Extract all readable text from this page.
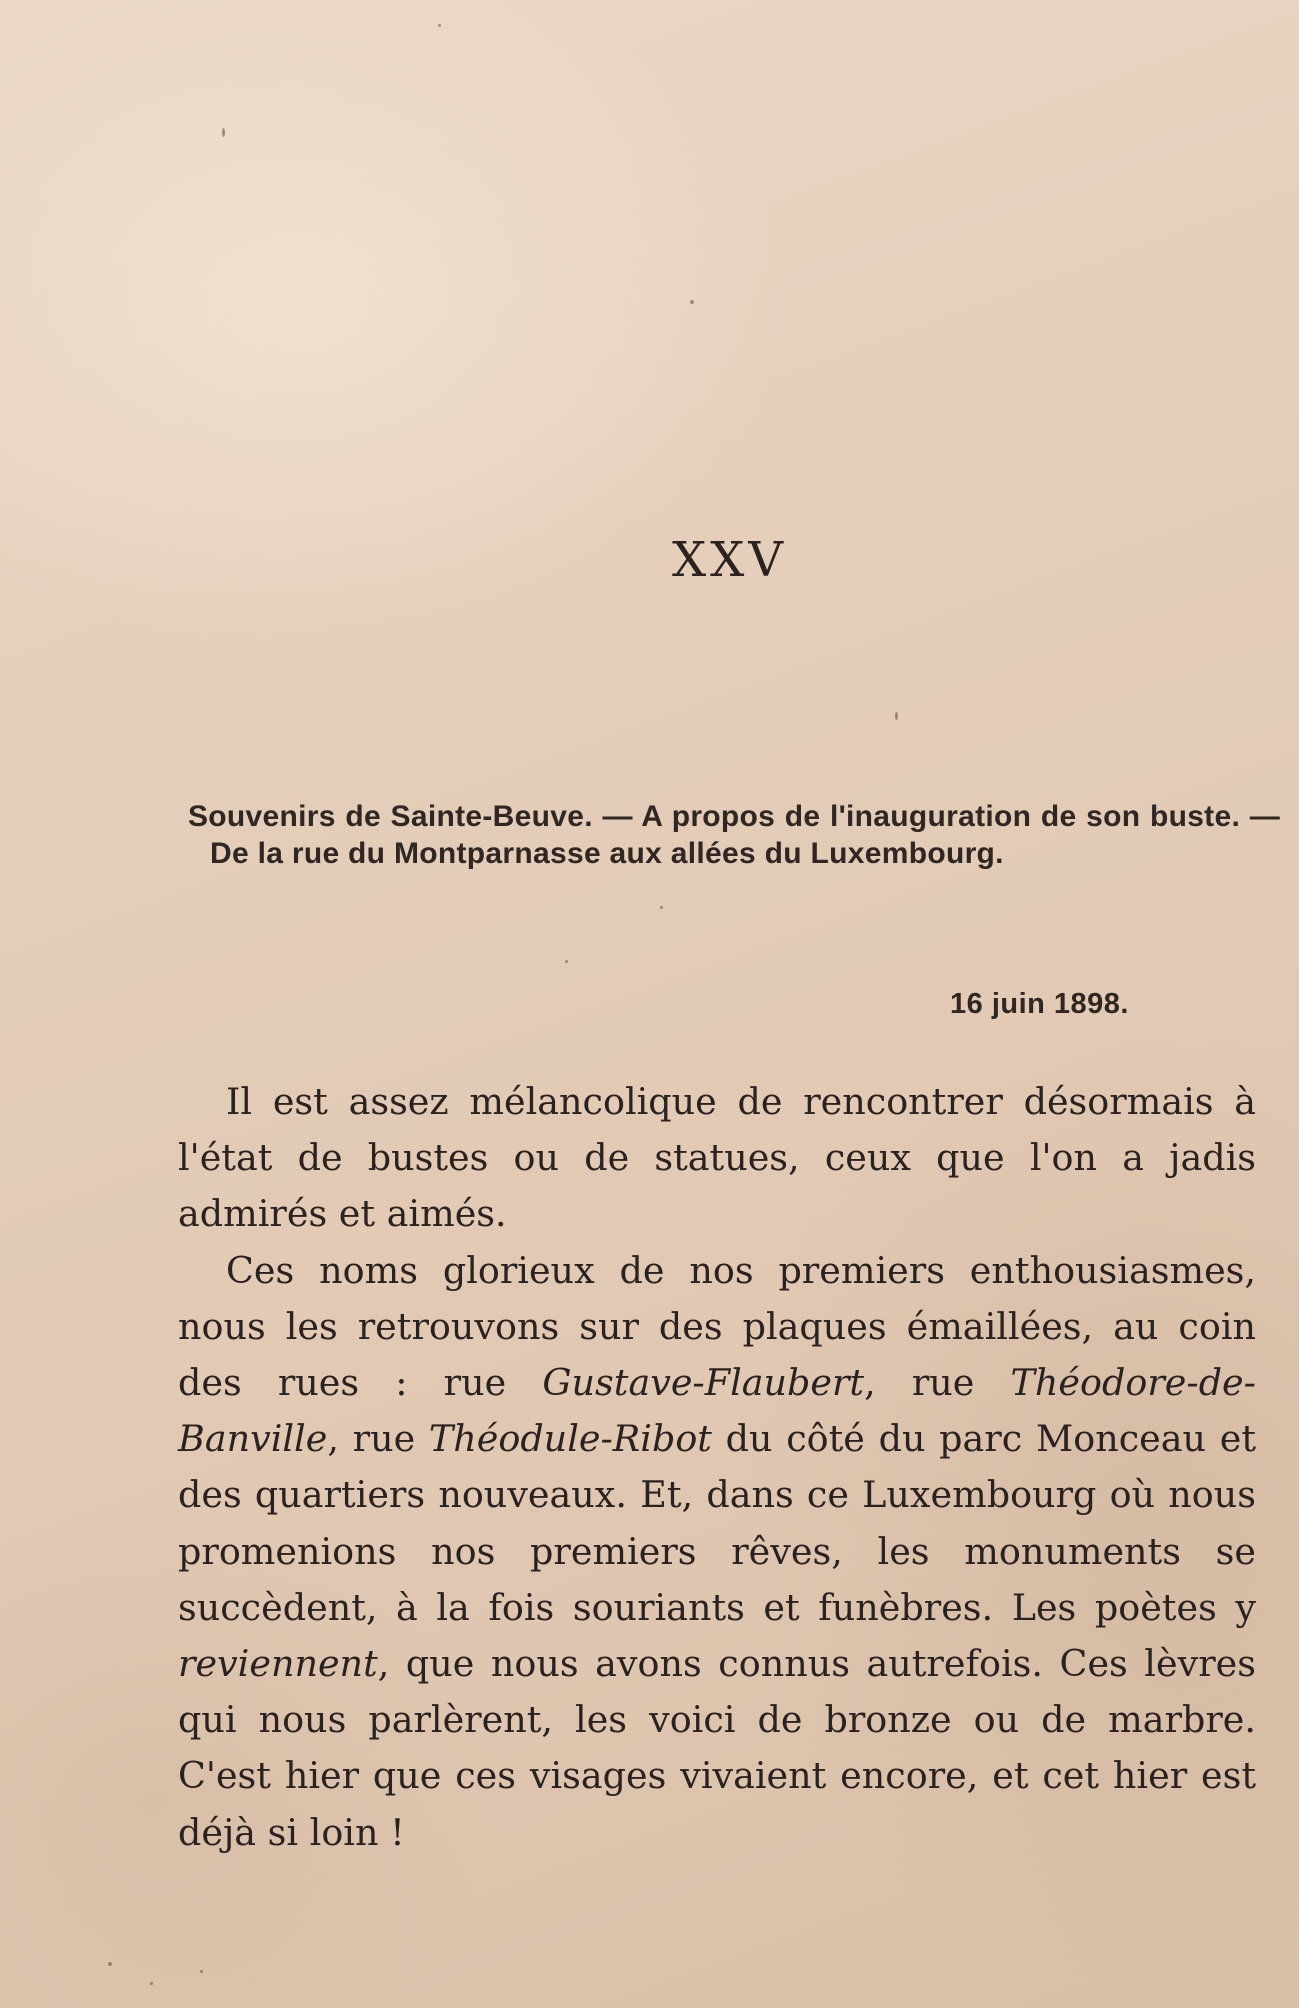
XXV
Souvenirs de Sainte-Beuve. — A propos de l'inauguration de son buste. — De la rue du Montparnasse aux allées du Luxembourg.
16 juin 1898.

Il est assez mélancolique de rencontrer désormais à l'état de bustes ou de statues, ceux que l'on a jadis admirés et aimés.

Ces noms glorieux de nos premiers enthousiasmes, nous les retrouvons sur des plaques émaillées, au coin des rues : rue Gustave-Flaubert, rue Théodore-de-Banville, rue Théodule-Ribot du côté du parc Monceau et des quartiers nouveaux. Et, dans ce Luxembourg où nous promenions nos premiers rêves, les monuments se succèdent, à la fois souriants et funèbres. Les poètes y reviennent, que nous avons connus autrefois. Ces lèvres qui nous parlèrent, les voici de bronze ou de marbre. C'est hier que ces visages vivaient encore, et cet hier est déjà si loin !
